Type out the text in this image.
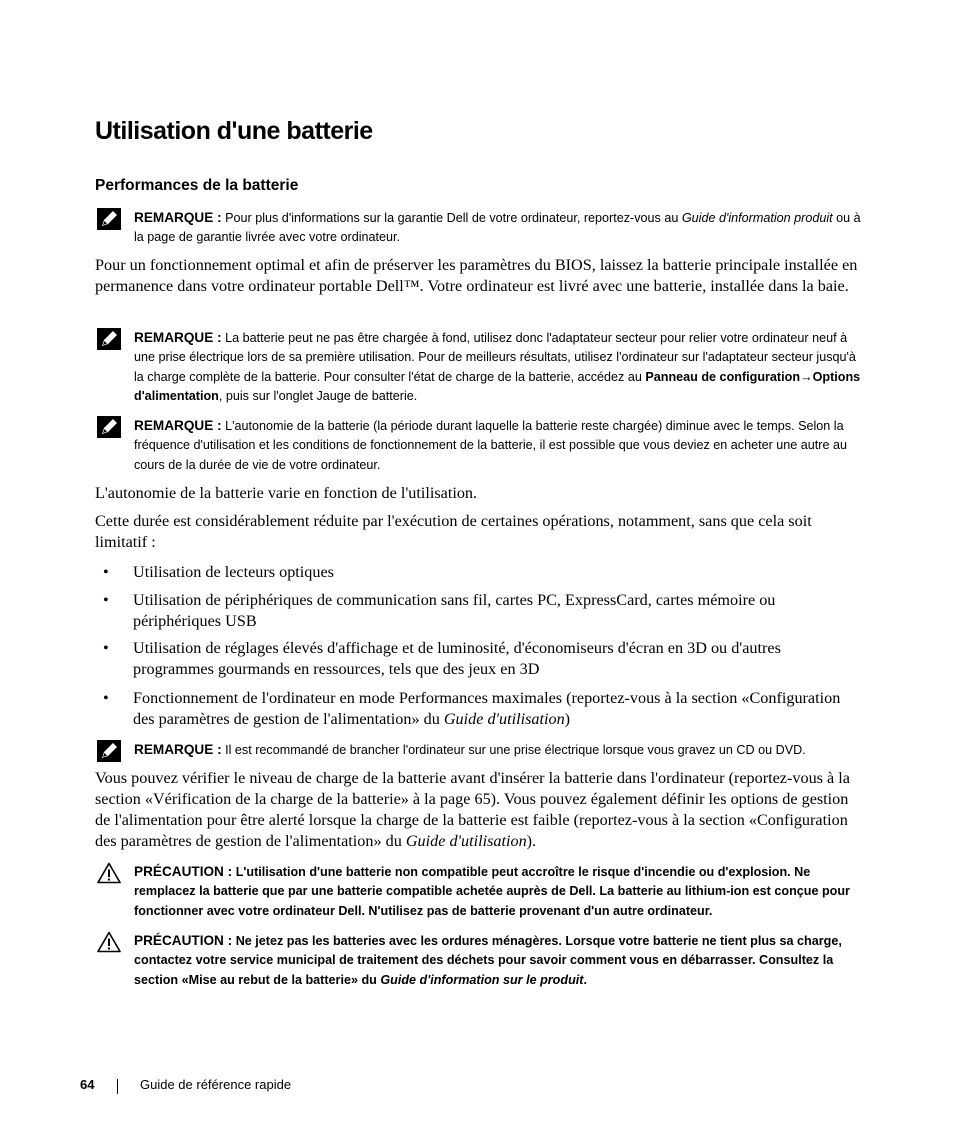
Utilisation d'une batterie
Performances de la batterie
REMARQUE : Pour plus d'informations sur la garantie Dell de votre ordinateur, reportez-vous au Guide d'information produit ou à la page de garantie livrée avec votre ordinateur.

Pour un fonctionnement optimal et afin de préserver les paramètres du BIOS, laissez la batterie principale installée en permanence dans votre ordinateur portable Dell™. Votre ordinateur est livré avec une batterie, installée dans la baie.

REMARQUE : La batterie peut ne pas être chargée à fond, utilisez donc l'adaptateur secteur pour relier votre ordinateur neuf à une prise électrique lors de sa première utilisation. Pour de meilleurs résultats, utilisez l'ordinateur sur l'adaptateur secteur jusqu'à la charge complète de la batterie. Pour consulter l'état de charge de la batterie, accédez au Panneau de configuration→Options d'alimentation, puis sur l'onglet Jauge de batterie.
REMARQUE : L'autonomie de la batterie (la période durant laquelle la batterie reste chargée) diminue avec le temps. Selon la fréquence d'utilisation et les conditions de fonctionnement de la batterie, il est possible que vous deviez en acheter une autre au cours de la durée de vie de votre ordinateur.

L'autonomie de la batterie varie en fonction de l'utilisation.

Cette durée est considérablement réduite par l'exécution de certaines opérations, notamment, sans que cela soit limitatif :

• Utilisation de lecteurs optiques
• Utilisation de périphériques de communication sans fil, cartes PC, ExpressCard, cartes mémoire ou périphériques USB
• Utilisation de réglages élevés d'affichage et de luminosité, d'économiseurs d'écran en 3D ou d'autres programmes gourmands en ressources, tels que des jeux en 3D
• Fonctionnement de l'ordinateur en mode Performances maximales (reportez-vous à la section «Configuration des paramètres de gestion de l'alimentation» du Guide d'utilisation)
REMARQUE : Il est recommandé de brancher l'ordinateur sur une prise électrique lorsque vous gravez un CD ou DVD.

Vous pouvez vérifier le niveau de charge de la batterie avant d'insérer la batterie dans l'ordinateur (reportez-vous à la section «Vérification de la charge de la batterie» à la page 65). Vous pouvez également définir les options de gestion de l'alimentation pour être alerté lorsque la charge de la batterie est faible (reportez-vous à la section «Configuration des paramètres de gestion de l'alimentation» du Guide d'utilisation).

PRÉCAUTION : L'utilisation d'une batterie non compatible peut accroître le risque d'incendie ou d'explosion. Ne remplacez la batterie que par une batterie compatible achetée auprès de Dell. La batterie au lithium-ion est conçue pour fonctionner avec votre ordinateur Dell. N'utilisez pas de batterie provenant d'un autre ordinateur.
PRÉCAUTION : Ne jetez pas les batteries avec les ordures ménagères. Lorsque votre batterie ne tient plus sa charge, contactez votre service municipal de traitement des déchets pour savoir comment vous en débarrasser. Consultez la section «Mise au rebut de la batterie» du Guide d'information sur le produit.
64	Guide de référence rapide
